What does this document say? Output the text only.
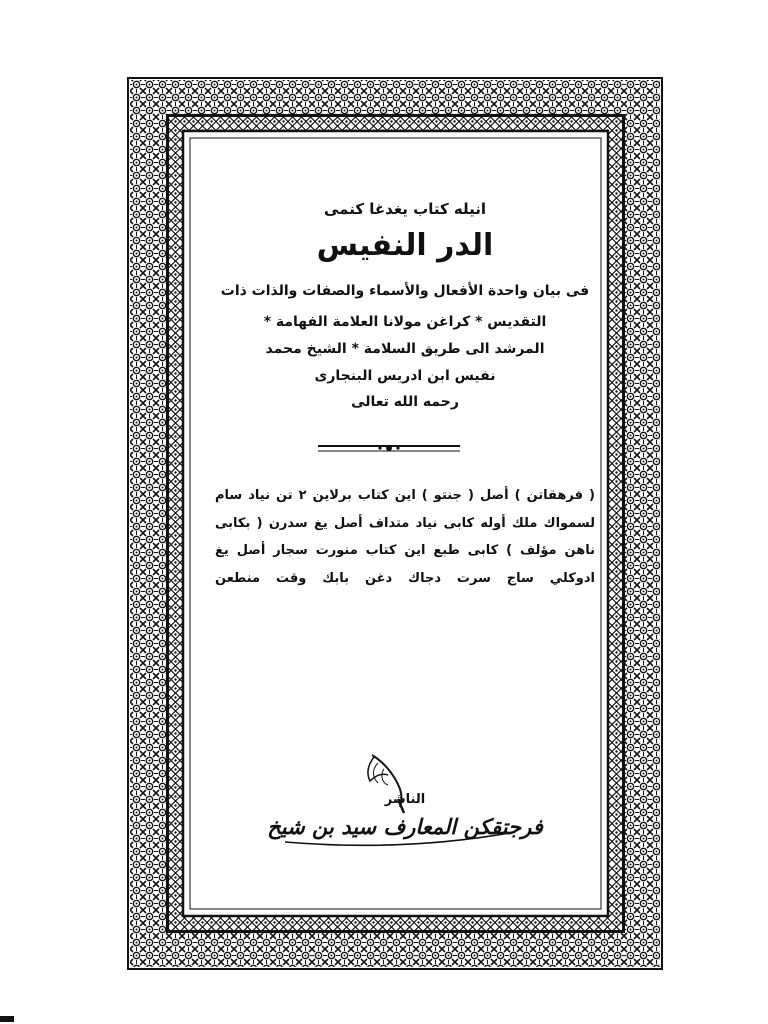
انيله كتاب يغدغا كنمى
الدر النفيس
فى بيان واحدة الأفعال والأسماء والصفات والذات ذات
التقديس * كراغن مولانا العلامة الفهامة *
المرشد الى طريق السلامة * الشيخ محمد
نفيس ابن ادريس البنجارى
رحمه الله تعالى
( فرهقاتن ) أصل ( جنتو ) اين كتاب برلاين ٢ تن نياد سام
لسمواك ملك أوله كابى نياد متداف أصل يغ سدرن ( بكابى
ناهن مؤلف ) كابى طبع اين كتاب منورت سجار أصل يغ
ادوكلي ساج سرت دجاك دغن بابك وقت منطعن
الناشر
فرجتقكن المعارف سيد بن شيخ
